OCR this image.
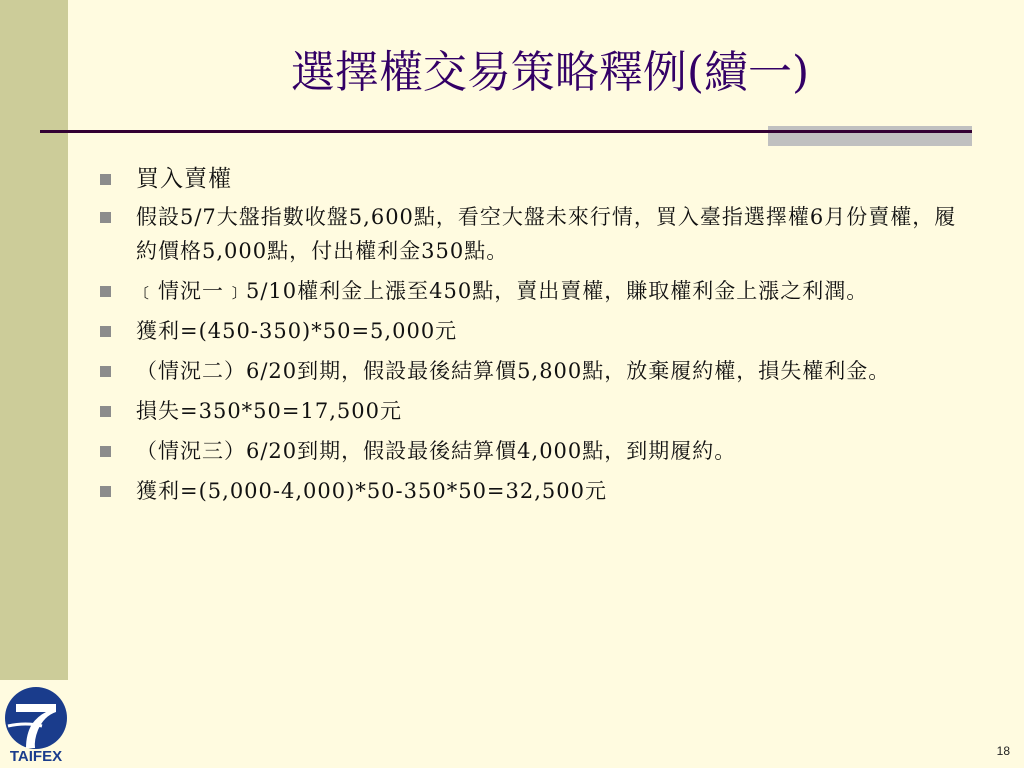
選擇權交易策略釋例(續一)
買入賣權
假設5/7大盤指數收盤5,600點，看空大盤未來行情，買入臺指選擇權6月份賣權，履約價格5,000點，付出權利金350點。
﹝情況一﹞5/10權利金上漲至450點，賣出賣權，賺取權利金上漲之利潤。
獲利=(450-350)*50=5,000元
（情況二）6/20到期，假設最後結算價5,800點，放棄履約權，損失權利金。
損失=350*50=17,500元
（情況三）6/20到期，假設最後結算價4,000點，到期履約。
獲利=(5,000-4,000)*50-350*50=32,500元
TAIFEX	18
